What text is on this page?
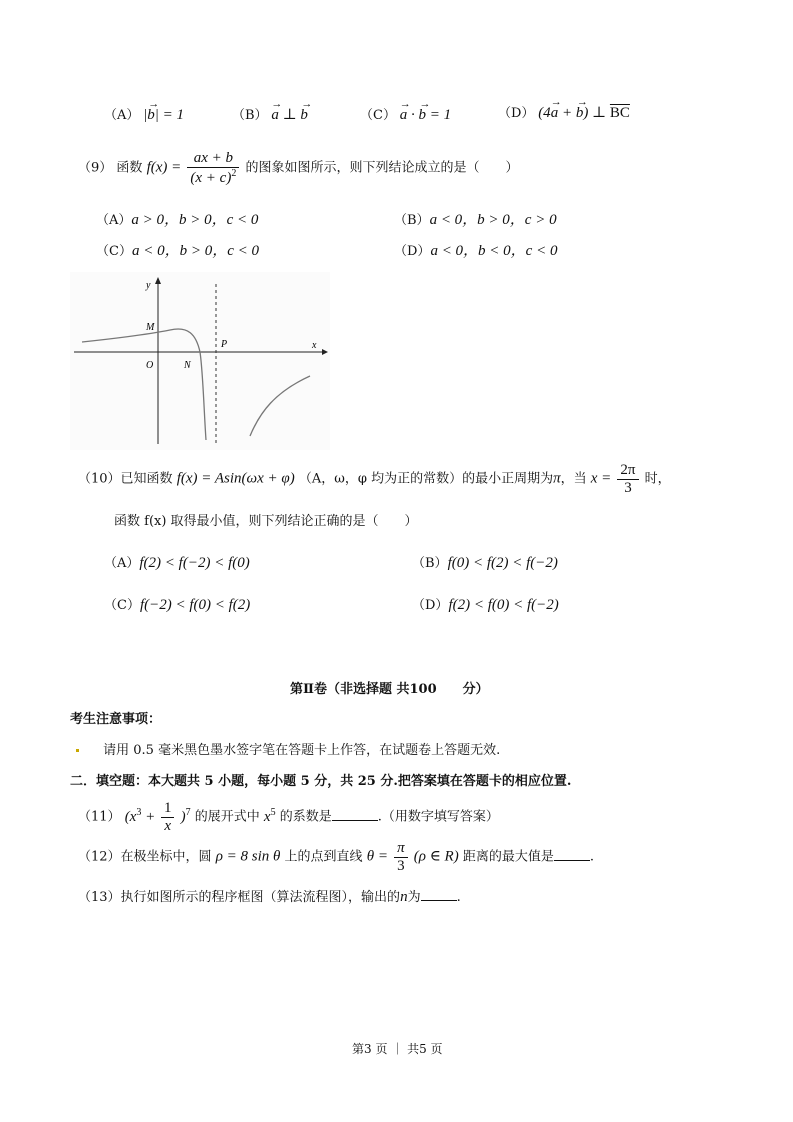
（A） |b
→
| = 1	（B） a
→
⊥ b
→
（C） a
→
· b
→
= 1	（D） (4a
→
+ b
→
) ⊥ $\overline{BC}$
（9） 函数 $f(x) = \frac{ax + b}{(x + c)^2}$ 的图象如图所示，则下列结论成立的是（　　）
（A）a > 0，b > 0，c < 0	（B）a < 0，b > 0，c > 0
（C）a < 0，b > 0，c < 0	（D）a < 0，b < 0，c < 0
y
x
M
O	N
P
（10）已知函数 f(x) = Asin(ωx + φ) （A，ω，φ 均为正的常数）的最小正周期为π，当 $x = \frac{2\pi}{3}$ 时，
函数 f(x) 取得最小值，则下列结论正确的是（　　）
（A）f(2) < f(−2) < f(0)	（B）f(0) < f(2) < f(−2)
（C）f(−2) < f(0) < f(2)	（D）f(2) < f(0) < f(−2)
第Ⅱ卷（非选择题 共100　　分）
考生注意事项：
请用 0.5 毫米黑色墨水签字笔在答题卡上作答，在试题卷上答题无效.
二．填空题：本大题共 5 小题，每小题 5 分，共 25 分.把答案填在答题卡的相应位置.
（11） $(x^3 + \frac{1}{x} )^7$ 的展开式中 $x^5$ 的系数是	.（用数字填写答案）
（12）在极坐标中，圆 ρ = 8 sin θ 上的点到直线 $\theta = \frac{\pi}{3} (\rho$ ∈ R) 距离的最大值是	.
（13）执行如图所示的程序框图（算法流程图），输出的n为	.
第3 页 ｜ 共5 页
